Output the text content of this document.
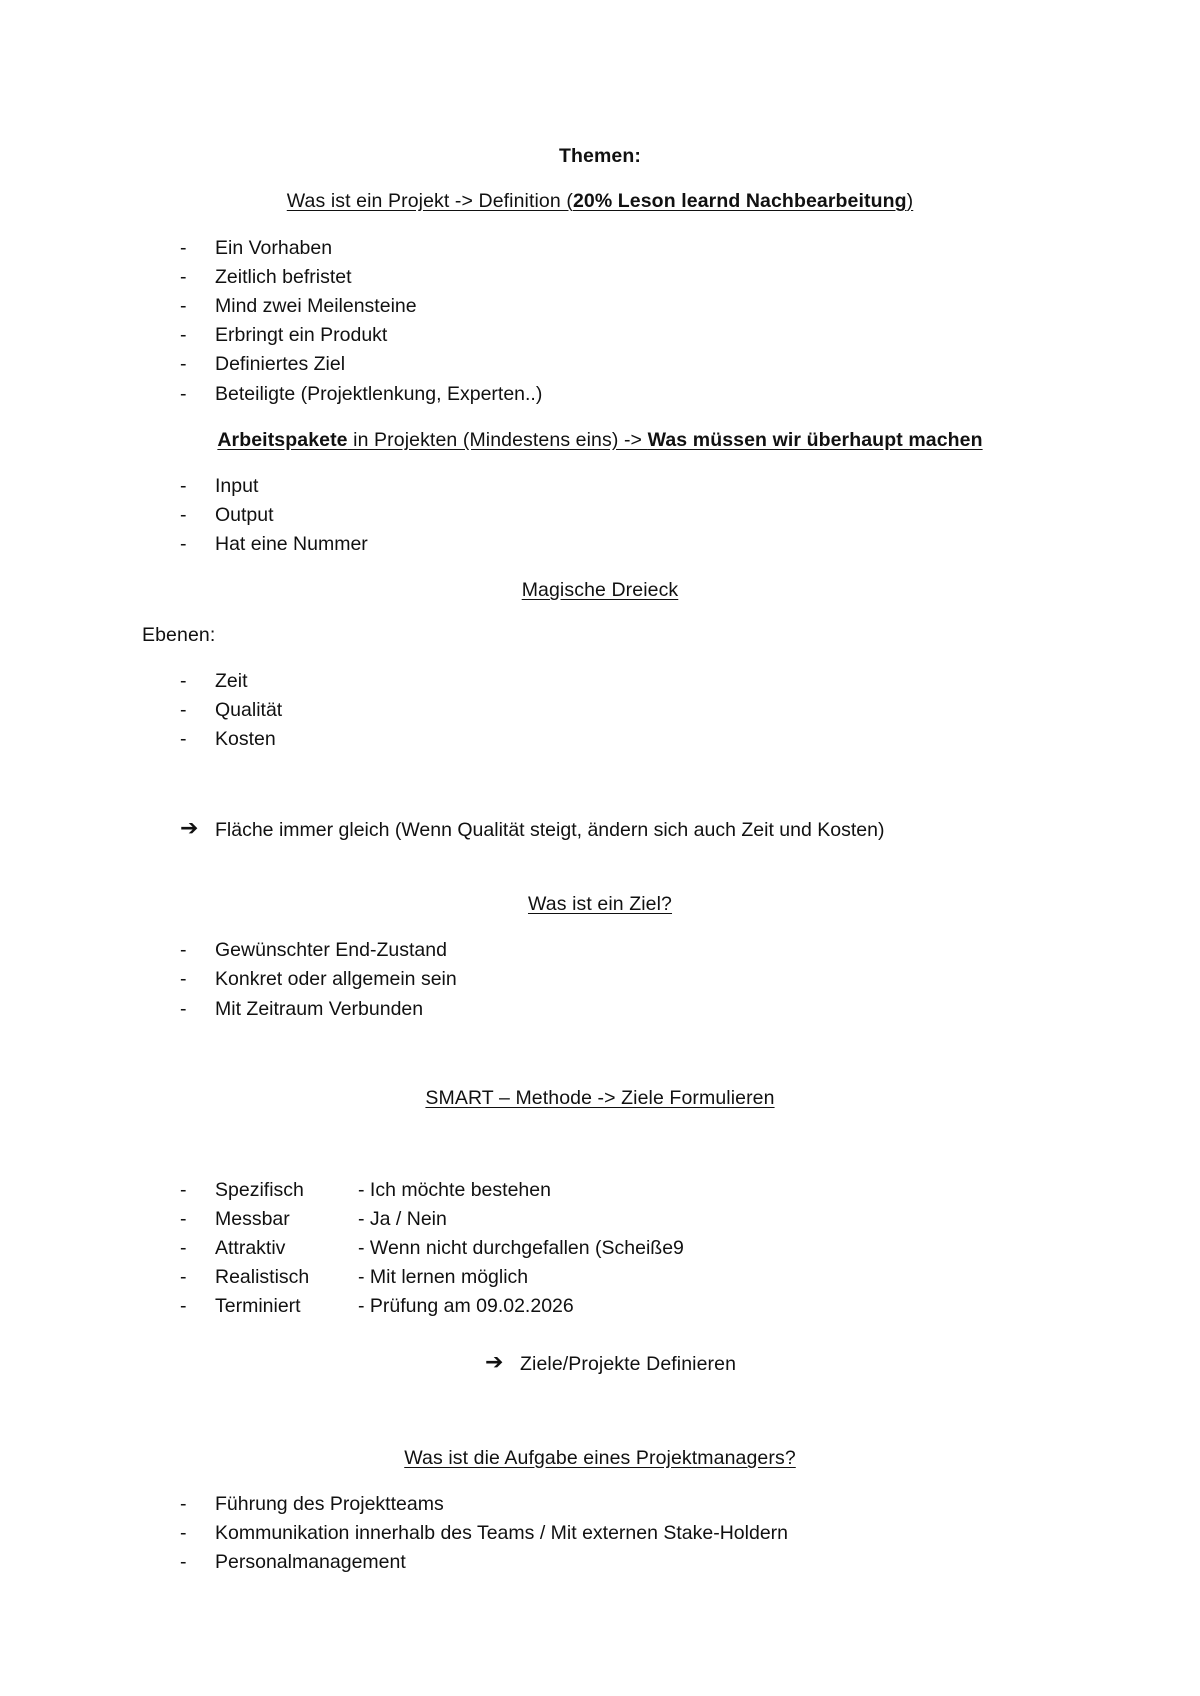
Themen:
Was ist ein Projekt -> Definition (20% Leson learnd Nachbearbeitung)
- Ein Vorhaben
- Zeitlich befristet
- Mind zwei Meilensteine
- Erbringt ein Produkt
- Definiertes Ziel
- Beteiligte (Projektlenkung, Experten..)
Arbeitspakete in Projekten (Mindestens eins) -> Was müssen wir überhaupt machen
- Input
- Output
- Hat eine Nummer
Magische Dreieck
Ebenen:
- Zeit
- Qualität
- Kosten
➔ Fläche immer gleich (Wenn Qualität steigt, ändern sich auch Zeit und Kosten)
Was ist ein Ziel?
- Gewünschter End-Zustand
- Konkret oder allgemein sein
- Mit Zeitraum Verbunden
SMART – Methode -> Ziele Formulieren
- Spezifisch	- Ich möchte bestehen
- Messbar	- Ja / Nein
- Attraktiv	- Wenn nicht durchgefallen (Scheiße9
- Realistisch - Mit lernen möglich
- Terminiert	- Prüfung am 09.02.2026
➔ Ziele/Projekte Definieren
Was ist die Aufgabe eines Projektmanagers?
- Führung des Projektteams
- Kommunikation innerhalb des Teams / Mit externen Stake-Holdern
- Personalmanagement
